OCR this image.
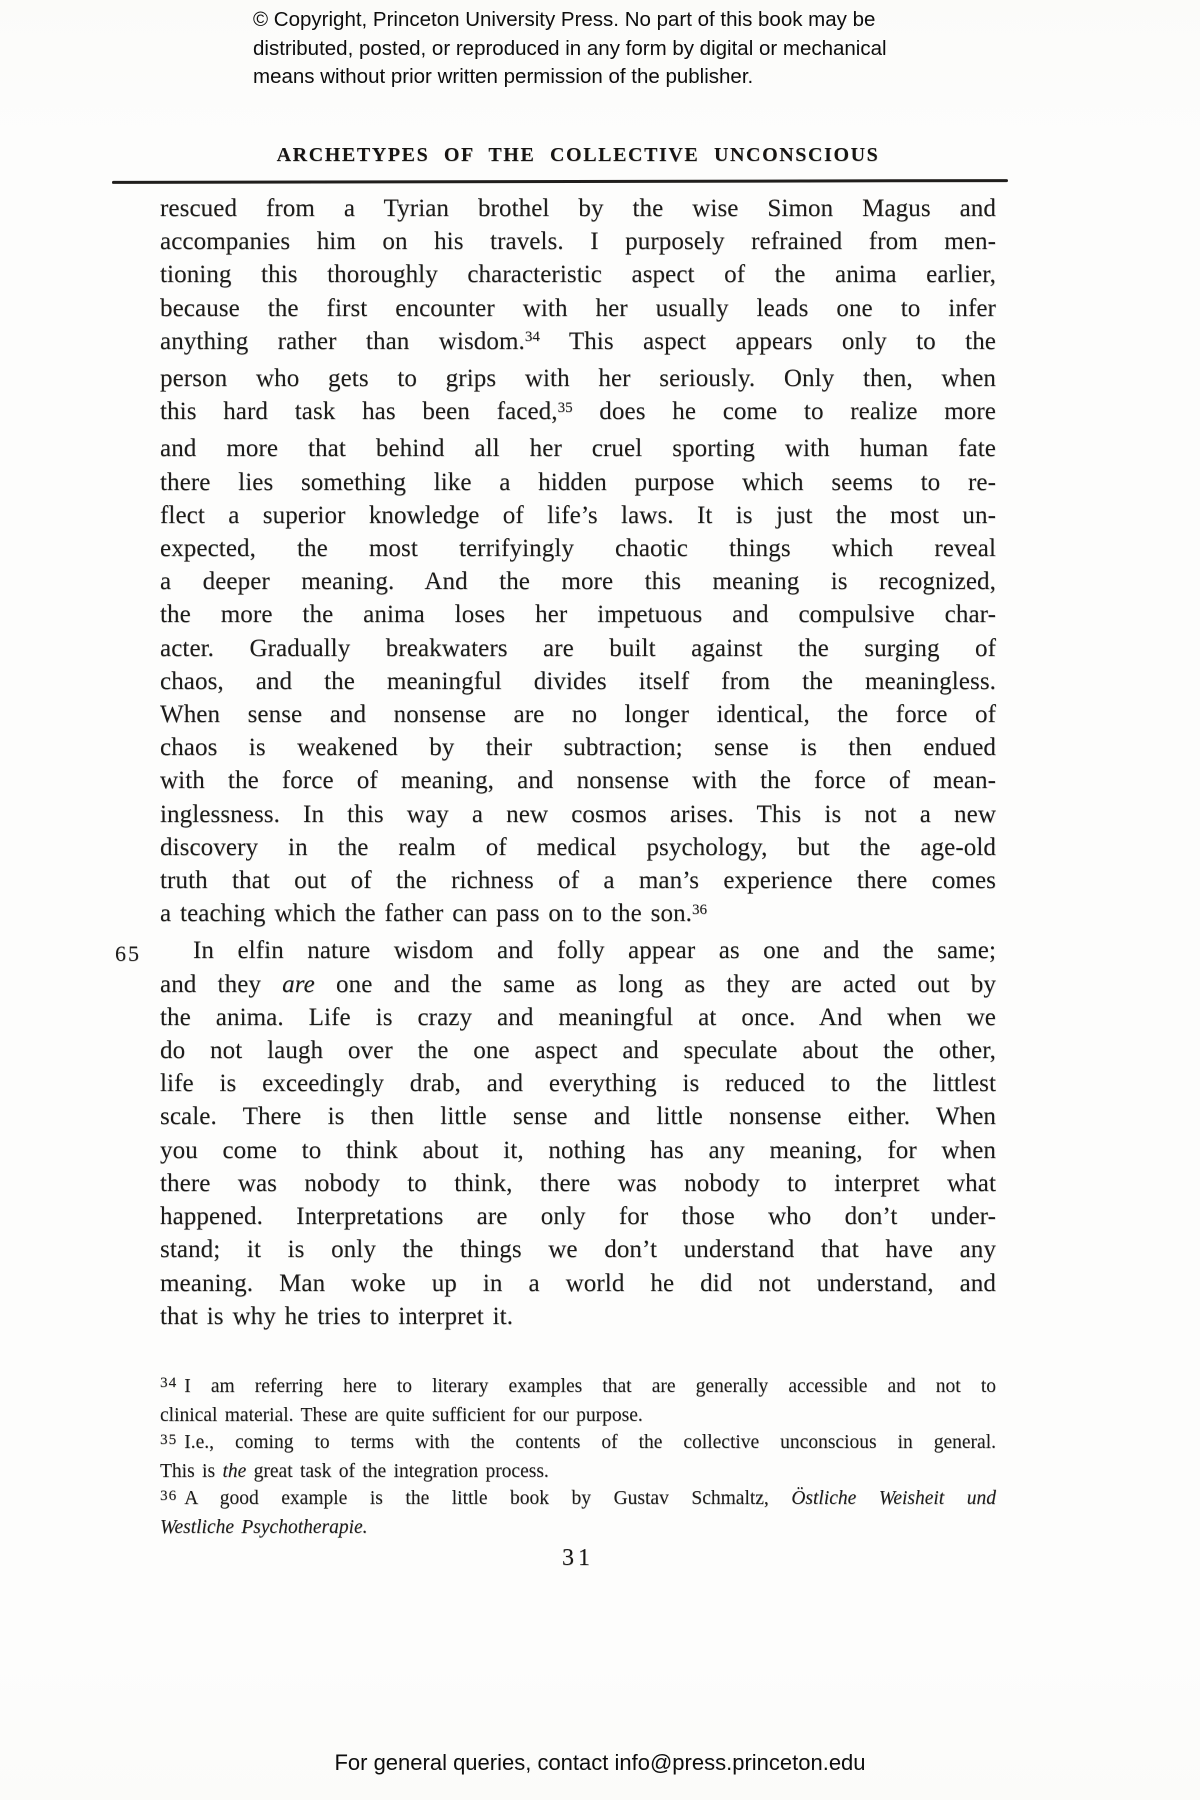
© Copyright, Princeton University Press. No part of this book may be
distributed, posted, or reproduced in any form by digital or mechanical
means without prior written permission of the publisher.
ARCHETYPES OF THE COLLECTIVE UNCONSCIOUS
rescued from a Tyrian brothel by the wise Simon Magus and
accompanies him on his travels. I purposely refrained from men-
tioning this thoroughly characteristic aspect of the anima earlier,
because the first encounter with her usually leads one to infer
anything rather than wisdom.$^{34}$ This aspect appears only to the
person who gets to grips with her seriously. Only then, when
this hard task has been faced,$^{35}$ does he come to realize more
and more that behind all her cruel sporting with human fate
there lies something like a hidden purpose which seems to re-
flect a superior knowledge of life’s laws. It is just the most un-
expected, the most terrifyingly chaotic things which reveal
a deeper meaning. And the more this meaning is recognized,
the more the anima loses her impetuous and compulsive char-
acter. Gradually breakwaters are built against the surging of
chaos, and the meaningful divides itself from the meaningless.
When sense and nonsense are no longer identical, the force of
chaos is weakened by their subtraction; sense is then endued
with the force of meaning, and nonsense with the force of mean-
inglessness. In this way a new cosmos arises. This is not a new
discovery in the realm of medical psychology, but the age-old
truth that out of the richness of a man’s experience there comes
a teaching which the father can pass on to the son.$^{36}$
65 In elfin nature wisdom and folly appear as one and the same;
and they are one and the same as long as they are acted out by
the anima. Life is crazy and meaningful at once. And when we
do not laugh over the one aspect and speculate about the other,
life is exceedingly drab, and everything is reduced to the littlest
scale. There is then little sense and little nonsense either. When
you come to think about it, nothing has any meaning, for when
there was nobody to think, there was nobody to interpret what
happened. Interpretations are only for those who don’t under-
stand; it is only the things we don’t understand that have any
meaning. Man woke up in a world he did not understand, and
that is why he tries to interpret it.
$^{34}$ I am referring here to literary examples that are generally accessible and not to
clinical material. These are quite sufficient for our purpose.
$^{35}$ I.e., coming to terms with the contents of the collective unconscious in general.
This is the great task of the integration process.
$^{36}$ A good example is the little book by Gustav Schmaltz, Östliche Weisheit und
Westliche Psychotherapie.
31
For general queries, contact info@press.princeton.edu
